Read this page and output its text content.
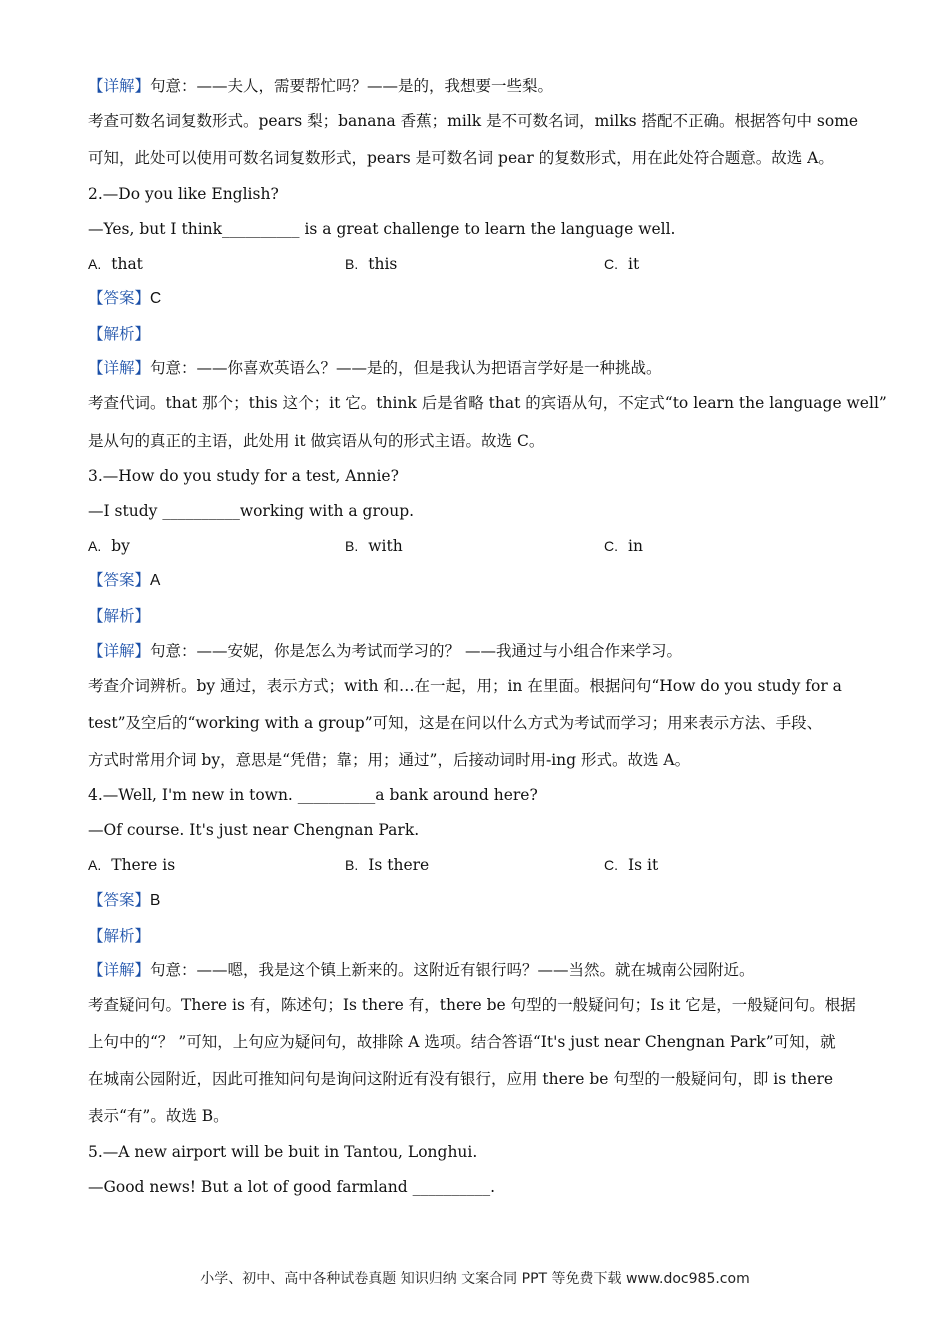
【详解】句意：——夫人，需要帮忙吗？——是的，我想要一些梨。
考查可数名词复数形式。pears 梨；banana 香蕉；milk 是不可数名词，milks 搭配不正确。根据答句中 some
可知，此处可以使用可数名词复数形式，pears 是可数名词 pear 的复数形式，用在此处符合题意。故选 A。
2.—Do you like English?
—Yes, but I think__________ is a great challenge to learn the language well.
A. that	B. this	C. it
【答案】C
【解析】
【详解】句意：——你喜欢英语么？——是的，但是我认为把语言学好是一种挑战。
考查代词。that 那个；this 这个；it 它。think 后是省略 that 的宾语从句，不定式“to learn the language well”
是从句的真正的主语，此处用 it 做宾语从句的形式主语。故选 C。
3.—How do you study for a test, Annie?
—I study __________working with a group.
A. by	B. with	C. in
【答案】A
【解析】
【详解】句意：——安妮，你是怎么为考试而学习的？ ——我通过与小组合作来学习。
考查介词辨析。by 通过，表示方式；with 和…在一起，用；in 在里面。根据问句“How do you study for a
test”及空后的“working with a group”可知，这是在问以什么方式为考试而学习；用来表示方法、手段、
方式时常用介词 by，意思是“凭借；靠；用；通过”，后接动词时用-ing 形式。故选 A。
4.—Well, I'm new in town. __________a bank around here?
—Of course. It's just near Chengnan Park.
A. There is	B. Is there	C. Is it
【答案】B
【解析】
【详解】句意：——嗯，我是这个镇上新来的。这附近有银行吗？——当然。就在城南公园附近。
考查疑问句。There is 有，陈述句；Is there 有，there be 句型的一般疑问句；Is it 它是，一般疑问句。根据
上句中的“？ ”可知，上句应为疑问句，故排除 A 选项。结合答语“It's just near Chengnan Park”可知，就
在城南公园附近，因此可推知问句是询问这附近有没有银行，应用 there be 句型的一般疑问句，即 is there
表示“有”。故选 B。
5.—A new airport will be buit in Tantou, Longhui.
—Good news! But a lot of good farmland __________.
小学、初中、高中各种试卷真题 知识归纳 文案合同 PPT 等免费下载 www.doc985.com
